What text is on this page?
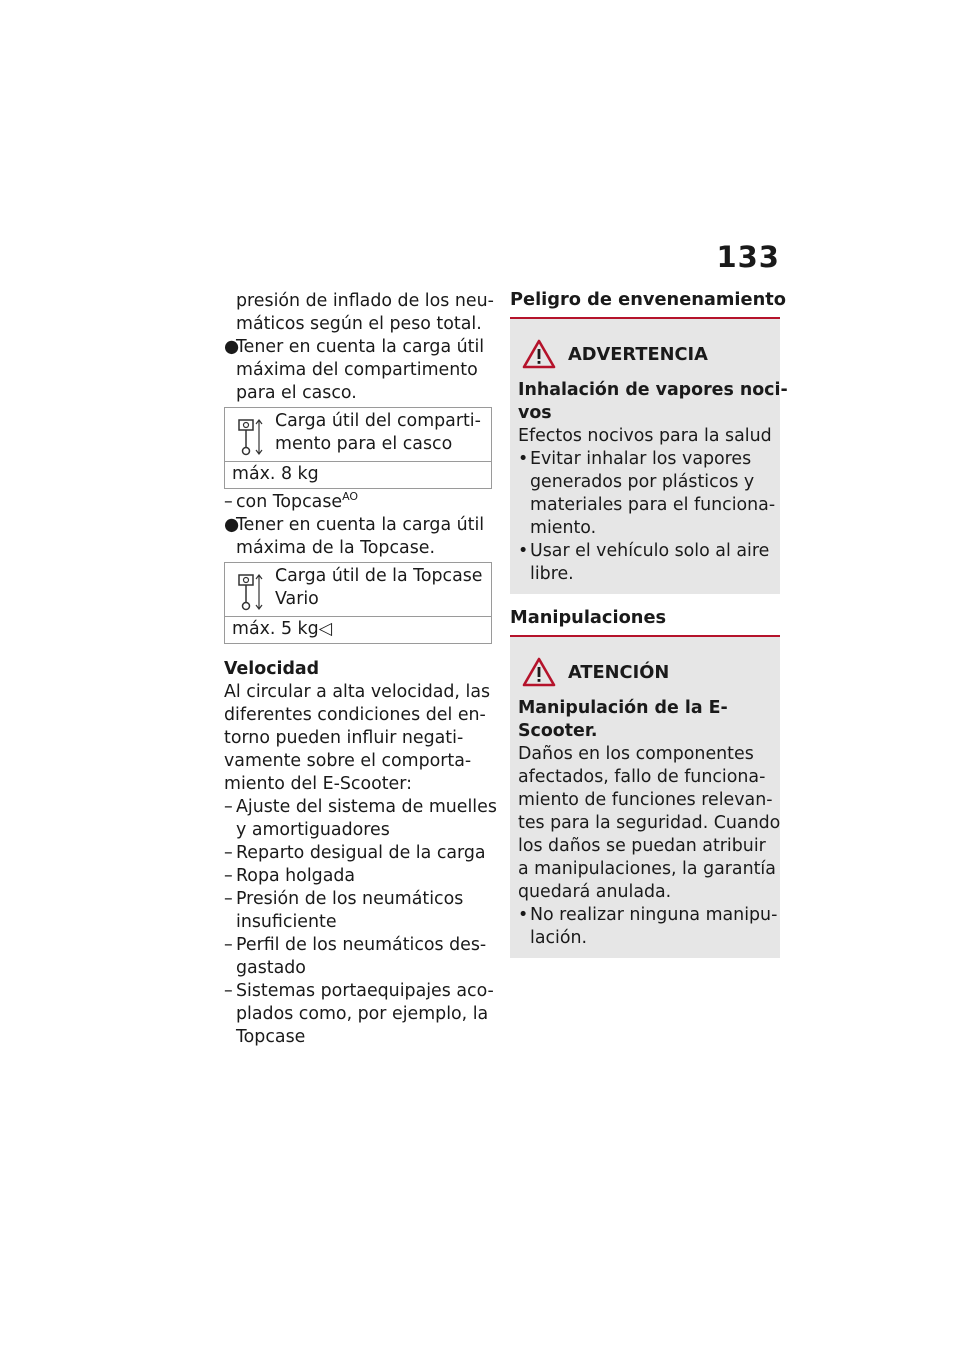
133
presión de inflado de los neu-
máticos según el peso total.
●Tener en cuenta la carga útil
máxima del compartimento
para el casco.
Carga útil del comparti-
mento para el casco
máx. 8 kg
– con Topcase$^{AO}$
●Tener en cuenta la carga útil
máxima de la Topcase.
Carga útil de la Topcase
Vario
máx. 5 kg◁
Velocidad
Al circular a alta velocidad, las
diferentes condiciones del en-
torno pueden influir negati-
vamente sobre el comporta-
miento del E-Scooter:
– Ajuste del sistema de muelles
y amortiguadores
– Reparto desigual de la carga
– Ropa holgada
– Presión de los neumáticos
insuficiente
– Perfil de los neumáticos des-
gastado
– Sistemas portaequipajes aco-
plados como, por ejemplo, la
Topcase
Peligro de envenenamiento
ADVERTENCIA
Inhalación de vapores noci-
vos
Efectos nocivos para la salud
•Evitar inhalar los vapores
generados por plásticos y
materiales para el funciona-
miento.
•Usar el vehículo solo al aire
libre.
Manipulaciones
ATENCIÓN
Manipulación de la E-
Scooter.
Daños en los componentes
afectados, fallo de funciona-
miento de funciones relevan-
tes para la seguridad. Cuando
los daños se puedan atribuir
a manipulaciones, la garantía
quedará anulada.
•No realizar ninguna manipu-
lación.
